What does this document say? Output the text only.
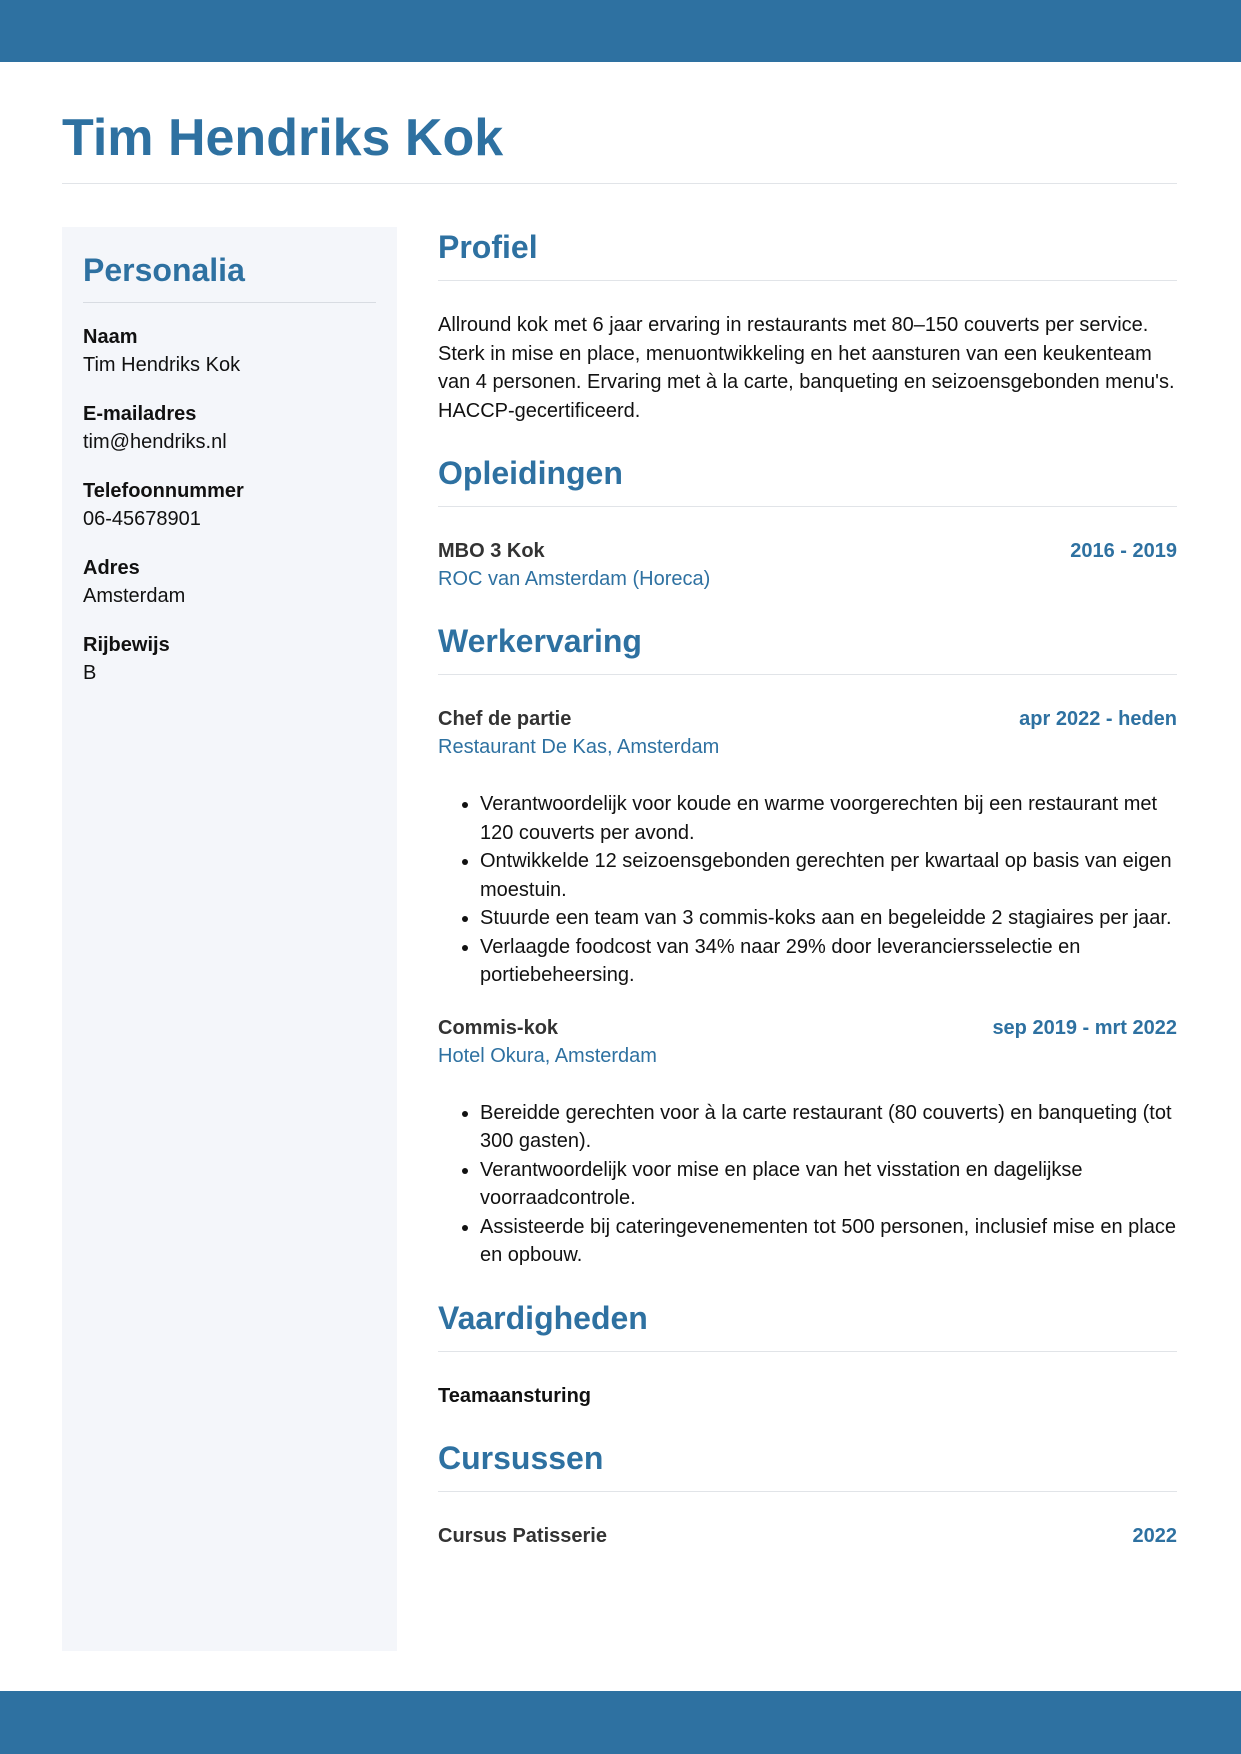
Tim Hendriks Kok
Personalia
Naam
Tim Hendriks Kok
E-mailadres
tim@hendriks.nl
Telefoonnummer
06-45678901
Adres
Amsterdam
Rijbewijs
B
Profiel

Allround kok met 6 jaar ervaring in restaurants met 80–150 couverts per service. Sterk in mise en place, menuontwikkeling en het aansturen van een keukenteam van 4 personen. Ervaring met à la carte, banqueting en seizoensgebonden menu's. HACCP-gecertificeerd.

Opleidingen
MBO 3 Kok	2016 - 2019
ROC van Amsterdam (Horeca)
Werkervaring
Chef de partie	apr 2022 - heden
Restaurant De Kas, Amsterdam
• Verantwoordelijk voor koude en warme voorgerechten bij een restaurant met 120 couverts per avond.
• Ontwikkelde 12 seizoensgebonden gerechten per kwartaal op basis van eigen moestuin.
• Stuurde een team van 3 commis-koks aan en begeleidde 2 stagiaires per jaar.
• Verlaagde foodcost van 34% naar 29% door leveranciersselectie en portiebeheersing.
Commis-kok	sep 2019 - mrt 2022
Hotel Okura, Amsterdam
• Bereidde gerechten voor à la carte restaurant (80 couverts) en banqueting (tot 300 gasten).
• Verantwoordelijk voor mise en place van het visstation en dagelijkse voorraadcontrole.
• Assisteerde bij cateringevenementen tot 500 personen, inclusief mise en place en opbouw.
Vaardigheden
Teamaansturing
Cursussen
Cursus Patisserie	2022
